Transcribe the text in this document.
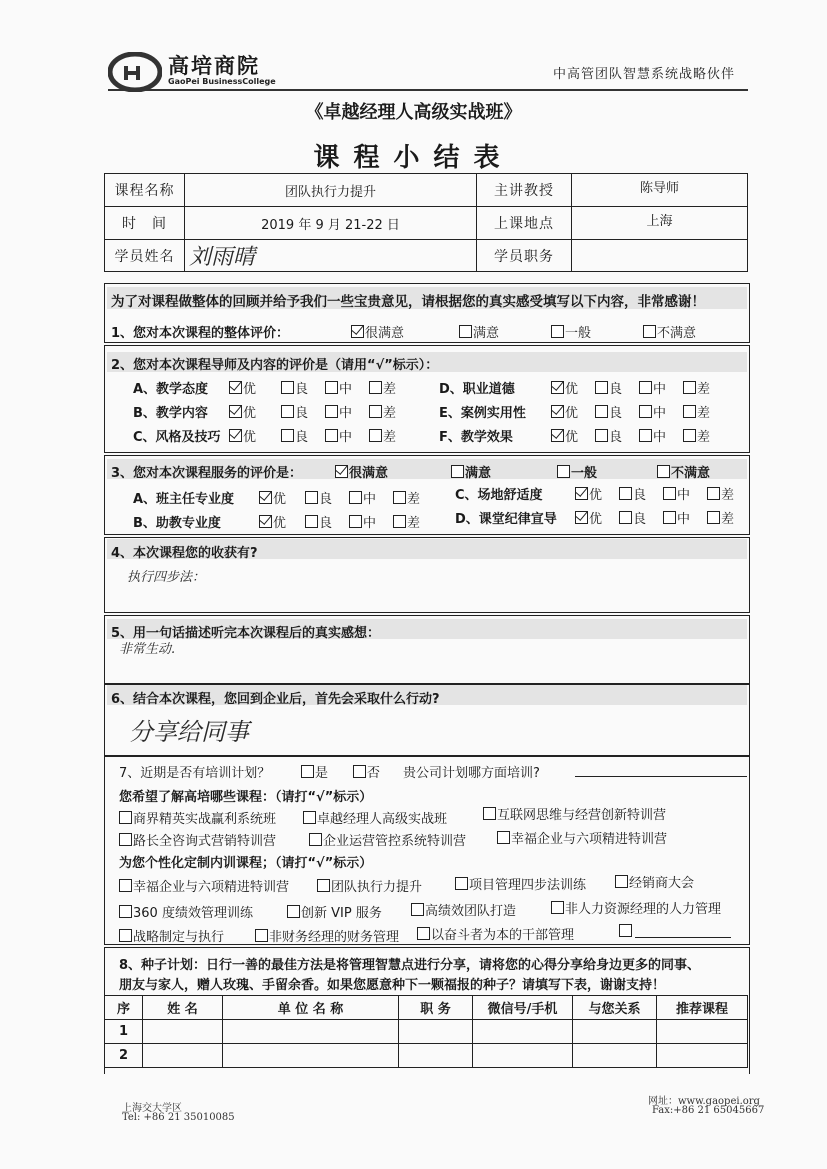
高培商院
GaoPei BusinessCollege	中高管团队智慧系统战略伙伴
《卓越经理人高级实战班》
课程小结表
课程名称	团队执行力提升	主讲教授	陈导师
时　间	2019 年 9 月 21-22 日	上课地点	上海
学员姓名	刘雨晴	学员职务	
为了对课程做整体的回顾并给予我们一些宝贵意见，请根据您的真实感受填写以下内容，非常感谢！
1、您对本次课程的整体评价：	很满意	满意	一般	不满意
2、您对本次课程导师及内容的评价是（请用“√”标示）：
A、教学态度	优	良	中	差
B、教学内容	优	良	中	差
C、风格及技巧	优	良	中	差
D、职业道德	优	良	中	差
E、案例实用性	优	良	中	差
F、教学效果	优	良	中	差
3、您对本次课程服务的评价是：	很满意	满意	一般	不满意
A、班主任专业度	优	良	中	差
B、助教专业度	优	良	中	差
C、场地舒适度	优	良	中	差
D、课堂纪律宣导	优	良	中	差
4、本次课程您的收获有?
执行四步法：
5、用一句话描述听完本次课程后的真实感想：
非常生动.
6、结合本次课程，您回到企业后，首先会采取什么行动?
分享给同事
7、近期是否有培训计划？	是	否 贵公司计划哪方面培训?
您希望了解高培哪些课程：（请打“√”标示）
为您个性化定制内训课程；（请打“√”标示）
商界精英实战赢利系统班	卓越经理人高级实战班	互联网思维与经营创新特训营
路长全咨询式营销特训营	企业运营管控系统特训营	幸福企业与六项精进特训营
幸福企业与六项精进特训营	团队执行力提升	项目管理四步法训练	经销商大会
360 度绩效管理训练	创新 VIP 服务	高绩效团队打造	非人力资源经理的人力管理
战略制定与执行	非财务经理的财务管理	以奋斗者为本的干部管理
8、种子计划：日行一善的最佳方法是将管理智慧点进行分享，请将您的心得分享给身边更多的同事、
朋友与家人，赠人玫瑰、手留余香。如果您愿意种下一颗福报的种子？请填写下表，谢谢支持！
序	姓 名	单 位 名 称	职 务	微信号/手机	与您关系	推荐课程
1						
2						
上海交大学区
Tel: +86 21 35010085
网址：www.gaopei.org
Fax:+86 21 65045667
